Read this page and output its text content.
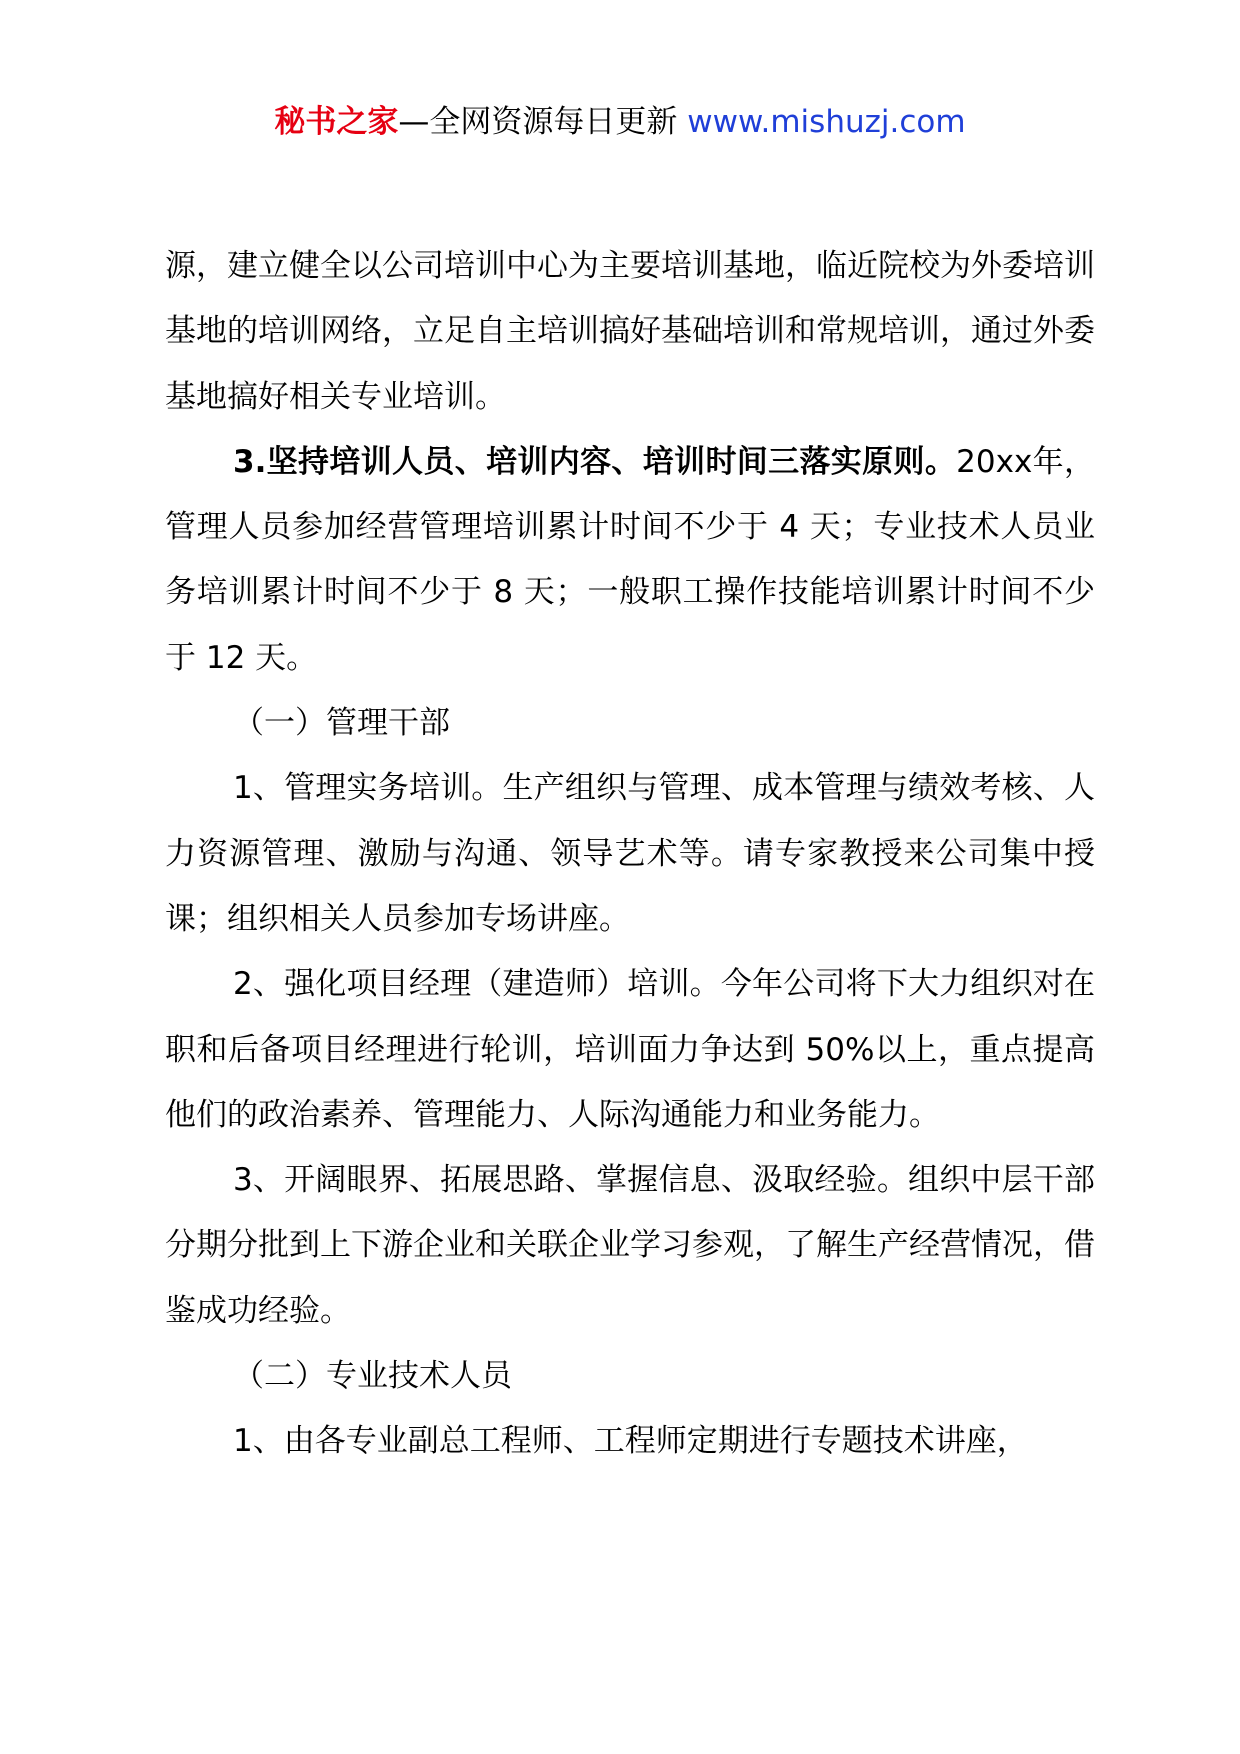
秘书之家—全网资源每日更新 www.mishuzj.com

源，建立健全以公司培训中心为主要培训基地，临近院校为外委培训基地的培训网络，立足自主培训搞好基础培训和常规培训，通过外委基地搞好相关专业培训。

3.坚持培训人员、培训内容、培训时间三落实原则。20xx年，管理人员参加经营管理培训累计时间不少于 4 天；专业技术人员业务培训累计时间不少于 8 天；一般职工操作技能培训累计时间不少于 12 天。

（一）管理干部

1、管理实务培训。生产组织与管理、成本管理与绩效考核、人力资源管理、激励与沟通、领导艺术等。请专家教授来公司集中授课；组织相关人员参加专场讲座。

2、强化项目经理（建造师）培训。今年公司将下大力组织对在职和后备项目经理进行轮训，培训面力争达到 50%以上，重点提高他们的政治素养、管理能力、人际沟通能力和业务能力。

3、开阔眼界、拓展思路、掌握信息、汲取经验。组织中层干部分期分批到上下游企业和关联企业学习参观，了解生产经营情况，借鉴成功经验。

（二）专业技术人员

1、由各专业副总工程师、工程师定期进行专题技术讲座，
